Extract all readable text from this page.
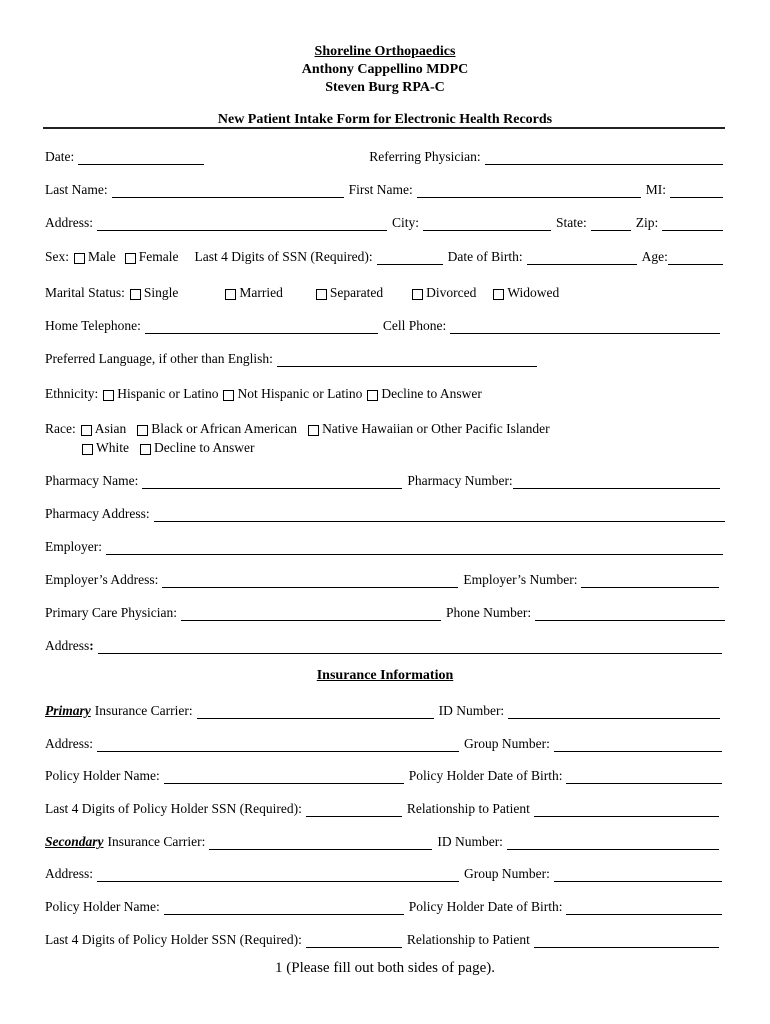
Shoreline Orthopaedics
Anthony Cappellino MDPC
Steven Burg RPA-C
New Patient Intake Form for Electronic Health Records
Date:	Referring Physician:
Last Name:	First Name:	MI:
Address:	City:	State:	Zip:
Sex: Male Female Last 4 Digits of SSN (Required):	Date of Birth:	Age:
Marital Status: Single	Married	Separated	Divorced Widowed
Home Telephone:	Cell Phone:
Preferred Language, if other than English:
Ethnicity: Hispanic or Latino Not Hispanic or Latino Decline to Answer
Race: Asian Black or African American Native Hawaiian or Other Pacific Islander
White Decline to Answer
Pharmacy Name:	Pharmacy Number:
Pharmacy Address:
Employer:
Employer’s Address:	Employer’s Number:
Primary Care Physician:	Phone Number:
Address :
Insurance Information
Primary Insurance Carrier:	ID Number:
Address:	Group Number:
Policy Holder Name:	Policy Holder Date of Birth:
Last 4 Digits of Policy Holder SSN (Required):	Relationship to Patient
Secondary Insurance Carrier:	ID Number:
Address:	Group Number:
Policy Holder Name:	Policy Holder Date of Birth:
Last 4 Digits of Policy Holder SSN (Required):	Relationship to Patient
1 (Please fill out both sides of page).
